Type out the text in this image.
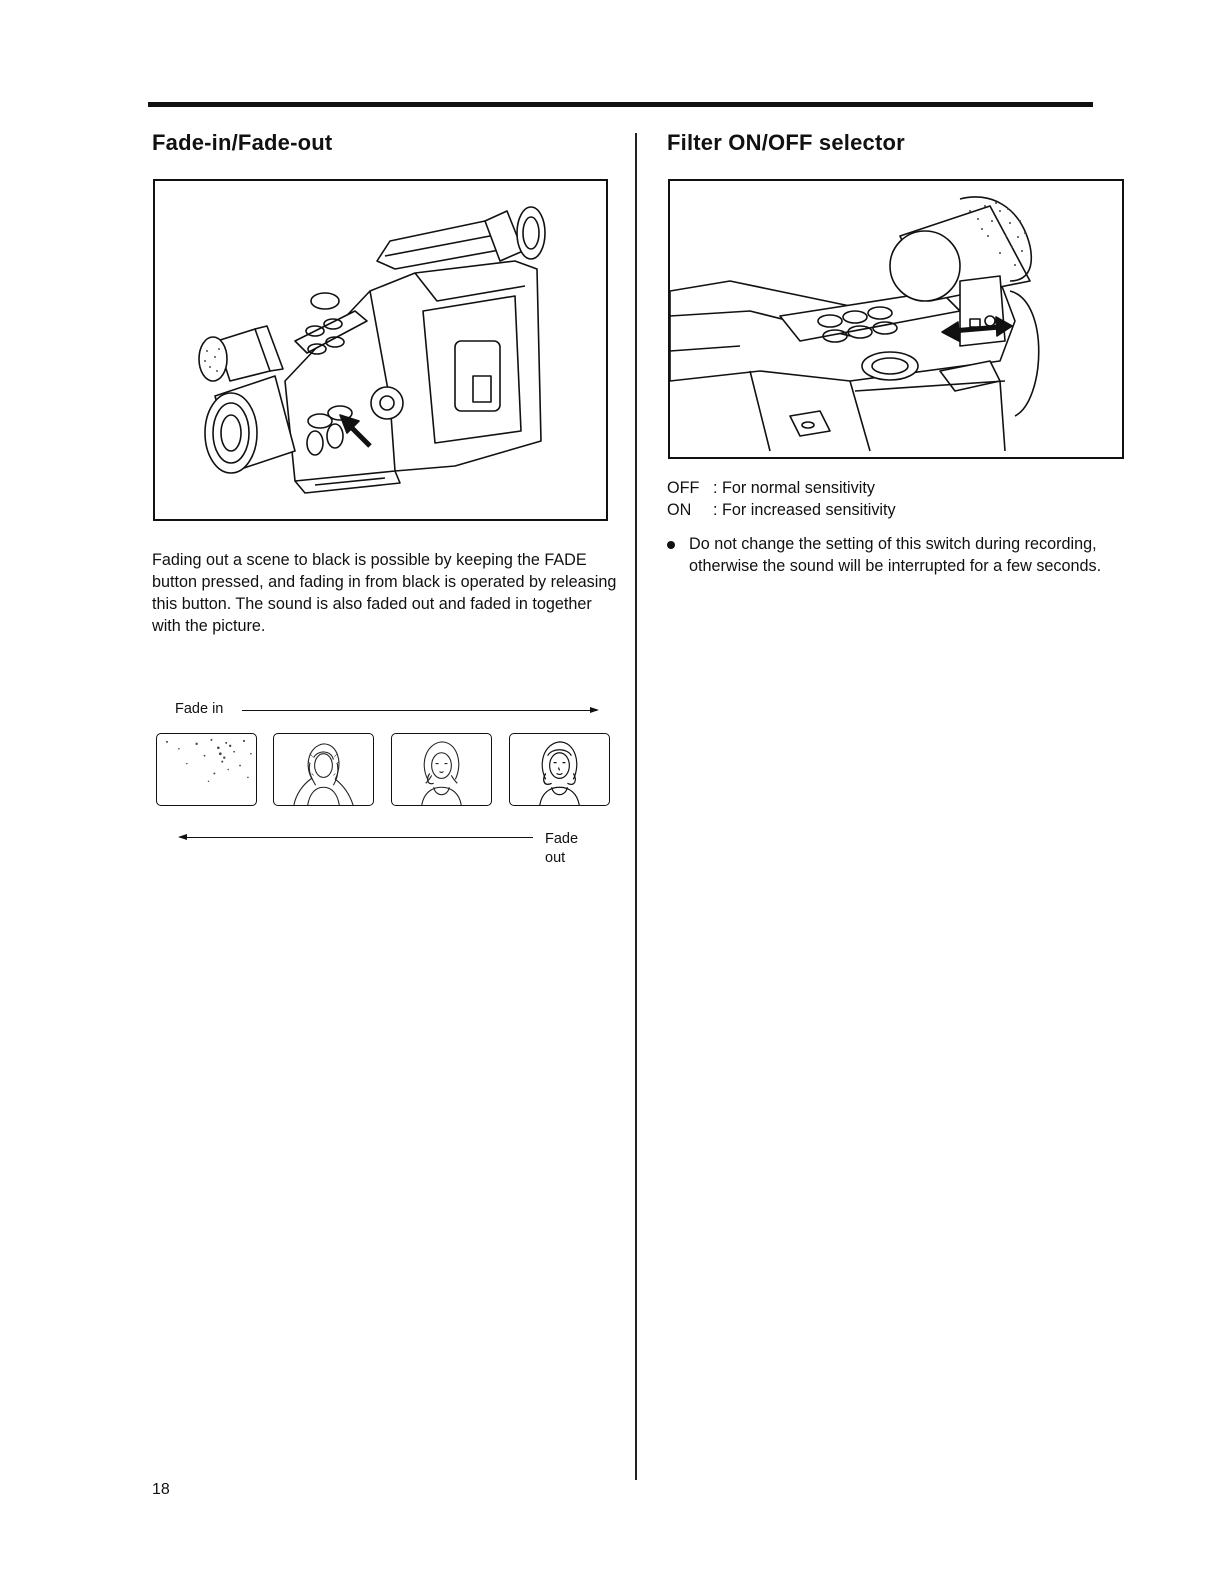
Fade-in/Fade-out

Fading out a scene to black is possible by keeping the FADE button pressed, and fading in from black is operated by releasing this button. The sound is also faded out and faded in together with the picture.

Fade in
Fade out
Filter ON/OFF selector
OFF : For normal sensitivity
ON : For increased sensitivity
Do not change the setting of this switch during recording, otherwise the sound will be interrupted for a few seconds.
18
